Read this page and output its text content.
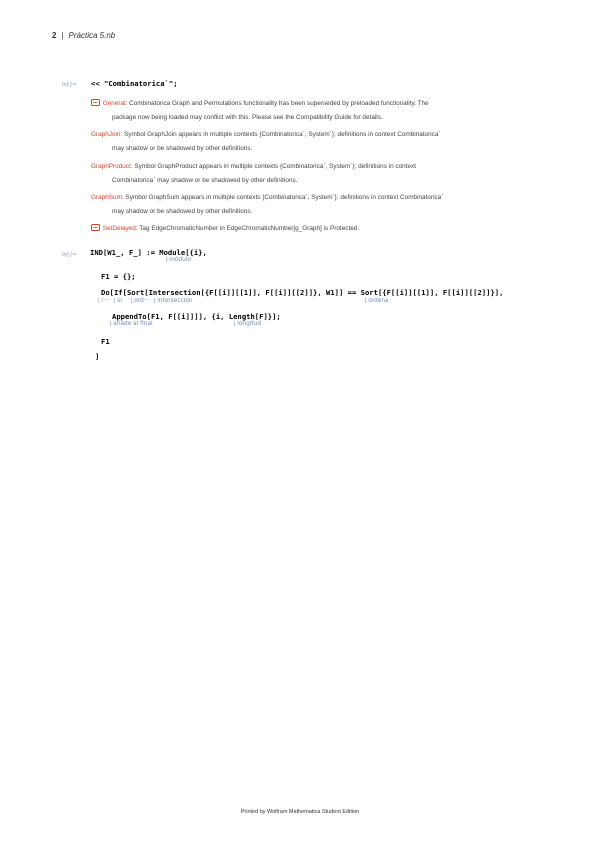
2 | Práctica 5.nb
In[-]:= << "Combinatorica`";
••• General: Combinatorica Graph and Permutations functionality has been superseded by preloaded functionality. The
package now being loaded may conflict with this. Please see the Compatibility Guide for details.
GraphJoin: Symbol GraphJoin appears in multiple contexts {Combinatorica`, System`}; definitions in context Combinatorica`
may shadow or be shadowed by other definitions.
GraphProduct: Symbol GraphProduct appears in multiple contexts {Combinatorica`, System`}; definitions in context
Combinatorica` may shadow or be shadowed by other definitions.
GraphSum: Symbol GraphSum appears in multiple contexts {Combinatorica`, System`}; definitions in context Combinatorica`
may shadow or be shadowed by other definitions.
••• SetDelayed: Tag EdgeChromaticNumber in EdgeChromaticNumber[g_Graph] is Protected.
In[-]:= IND[W1_, F_] := Module[{i},
⌊ módulo
F1 = {};
Do[If[Sort[Intersection[{F[[i]][[1]], F[[i]][[2]]}, W1]] == Sort[{F[[i]][[1]], F[[i]][[2]]}],
⌊ r···	⌊ si	⌊ ord···	⌊ intersección	⌊ ordena
AppendTo[F1, F[[i]]]], {i, Length[F]}];
⌊ añade al final	⌊ longitud
F1
]
Printed by Wolfram Mathematica Student Edition
